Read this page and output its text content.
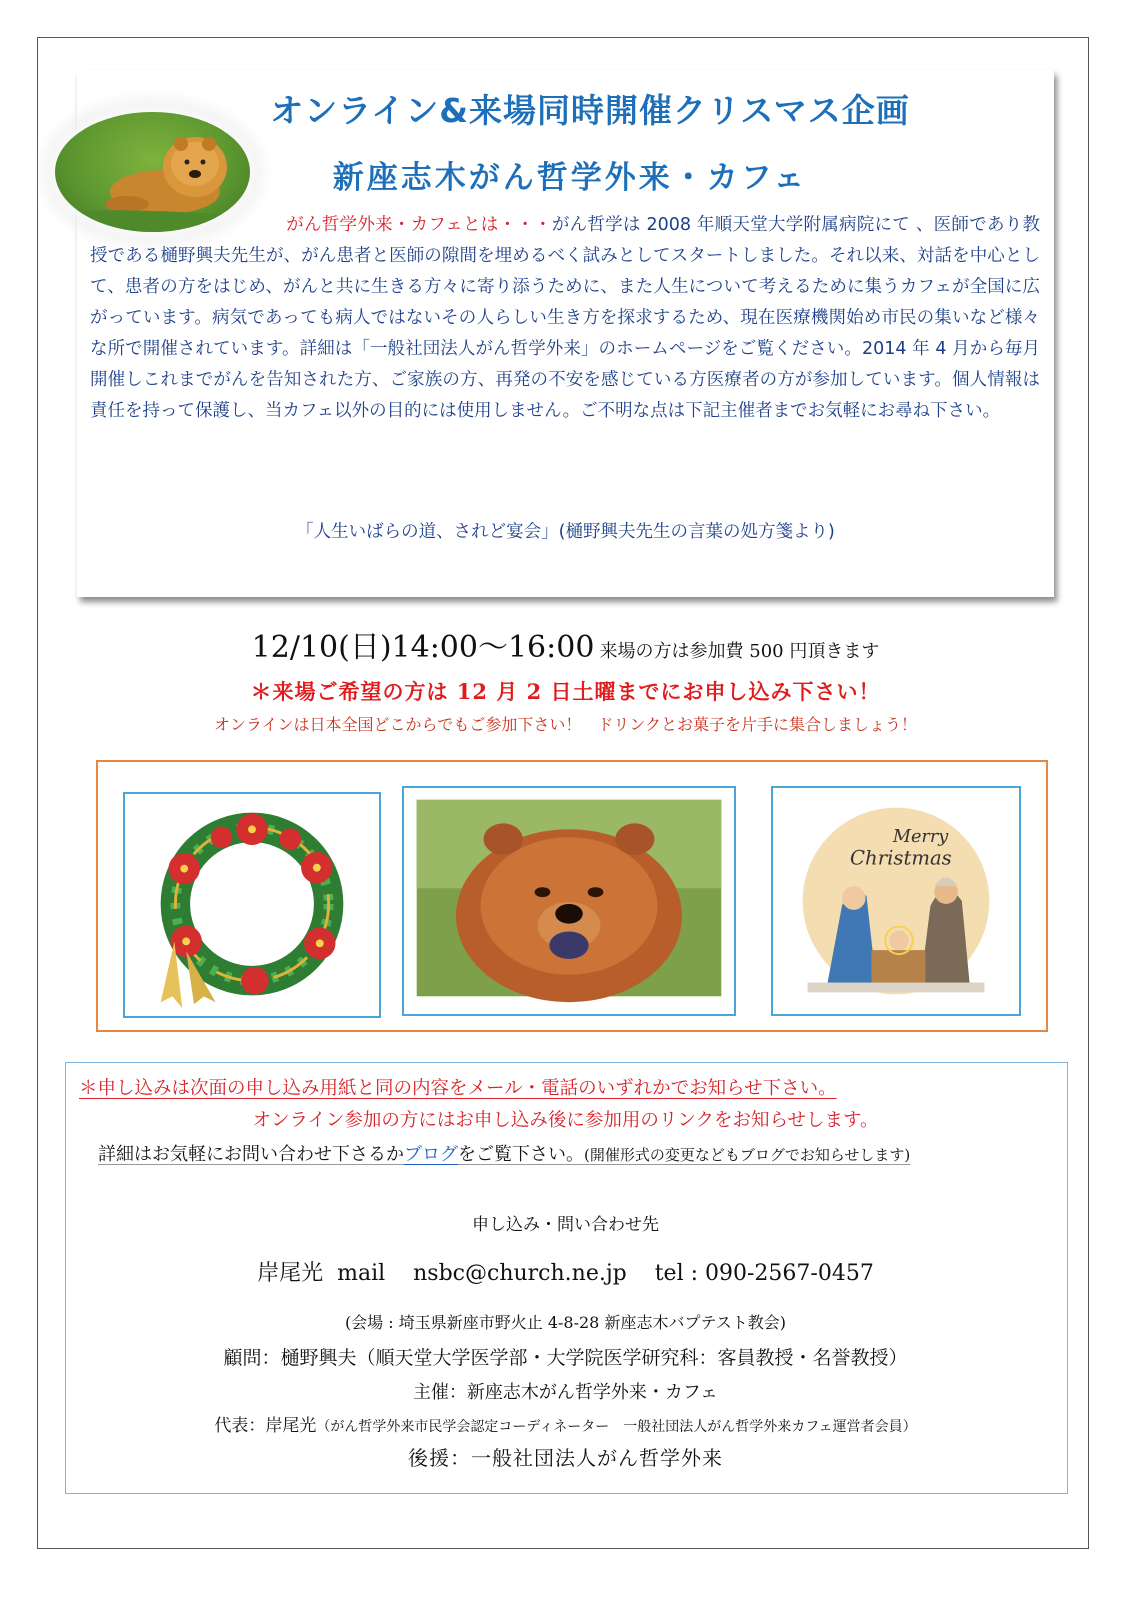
オンライン&来場同時開催クリスマス企画
新座志木がん哲学外来・カフェ

がん哲学外来・カフェとは・・・がん哲学は 2008 年順天堂大学附属病院にて 、医師であり教授である樋野興夫先生が、がん患者と医師の隙間を埋めるべく試みとしてスタートしました。それ以来、対話を中心として、患者の方をはじめ、がんと共に生きる方々に寄り添うために、また人生について考えるために集うカフェが全国に広がっています。病気であっても病人ではないその人らしい生き方を探求するため、現在医療機関始め市民の集いなど様々な所で開催されています。詳細は「一般社団法人がん哲学外来」のホームページをご覧ください。2014 年 4 月から毎月開催しこれまでがんを告知された方、ご家族の方、再発の不安を感じている方医療者の方が参加しています。個人情報は責任を持って保護し、当カフェ以外の目的には使用しません。ご不明な点は下記主催者までお気軽にお尋ね下さい。

「人生いばらの道、されど宴会」(樋野興夫先生の言葉の処方箋より)

12/10(日)14:00～16:00 来場の方は参加費 500 円頂きます

＊来場ご希望の方は 12 月 2 日土曜までにお申し込み下さい！

オンラインは日本全国どこからでもご参加下さい！　ドリンクとお菓子を片手に集合しましょう！

Merry
Christmas

＊申し込みは次面の申し込み用紙と同の内容をメール・電話のいずれかでお知らせ下さい。

オンライン参加の方にはお申し込み後に参加用のリンクをお知らせします。

詳細はお気軽にお問い合わせ下さるかブログをご覧下さい。(開催形式の変更などもブログでお知らせします)

申し込み・問い合わせ先

岸尾光  mail    nsbc@church.ne.jp    tel : 090-2567-0457

(会場 : 埼玉県新座市野火止 4-8-28 新座志木バプテスト教会)

顧問：樋野興夫（順天堂大学医学部・大学院医学研究科：客員教授・名誉教授）

主催：新座志木がん哲学外来・カフェ

代表：岸尾光（がん哲学外来市民学会認定コーディネーター　一般社団法人がん哲学外来カフェ運営者会員）

後援：一般社団法人がん哲学外来
